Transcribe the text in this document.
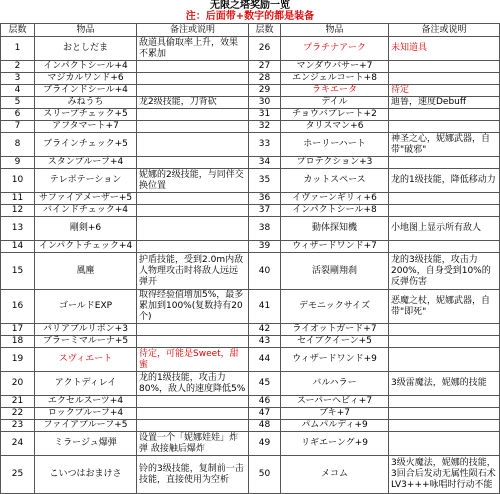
无限之塔奖励一览
注：后面带+数字的都是装备
层数	物品	备注或说明	层数	物品	备注或说明
1	おとしだま	敌道具偷取率上升，效果不累加	26	プラチナアーク	未知道具
2	インパクトシール+4		27	マンダウバサー+7	
3	マジカルワンド+6		28	エンジェルコート+8	
4	ブラインドシール+4		29	ラキエータ	待定
5	みねうち	龙2级技能，刀背砍	30	デイル	迪鲁，速度Debuff
6	スリープチェック+5		31	チョウバプレート+2	
7	アフタマート+7		32	タリスマン+6	
8	ブラインチェック+5		33	ホーリーハート	神圣之心，妮娜武器，自带"破邪"
9	スタンプルーフ+4		34	プロテクション+3	
10	テレポテーション	妮娜的2级技能，与同伴交换位置	35	カットスペース	龙的1级技能，降低移动力
11	サファイアメーザー+5		36	イヴァーンギリィ+6	
12	バインドチェック+4		37	インパクトシール+8	
13	剛剣+6		38	動体探知機	小地图上显示所有敌人
14	インパクトチェック+4		39	ウィザードワンド+7	
15	風塵	护盾技能，受到2.0m内敌人物理攻击时将敌人远远弹开	40	活裂剛翔刹	龙的3级技能，攻击力200%，自身受到10%的反弹伤害
16	ゴールドEXP	取得经验值增加5%，最多累加到100%(复数持有20个)	41	デモニックサイズ	恶魔之杖，妮娜武器，自带"即死"
17	パリアブルリボン+3		42	ライオットガード+7	
18	ブラーミマルーナ+5		43	セイブクイーン+5	
19	スヴィエート	待定，可能是Sweet，甜蜜	44	ウィザードワンド+9	
20	アクトディレイ	龙的1级技能，攻击力80%，敌人的速度降低5%	45	バルハラー	3级雷魔法，妮娜的技能
21	エクセルスーツ+4		46	スーパーヘビィ+7	
22	ロックプルーフ+4		47	ブキ+7	
23	ファイアプルーフ+5		48	パムパルディ+9	
24	ミラージュ爆弾	设置一个「妮娜娃娃」炸弹 敌接触后爆炸	49	リギエーング+9	
25	こいつはおまけさ	铃的3级技能，复制前一击技能，直接使用为空析	50	メコム	3级火魔法，妮娜的技能，3回合后发动无属性陨石术LV3+++咏唱时行动不能
